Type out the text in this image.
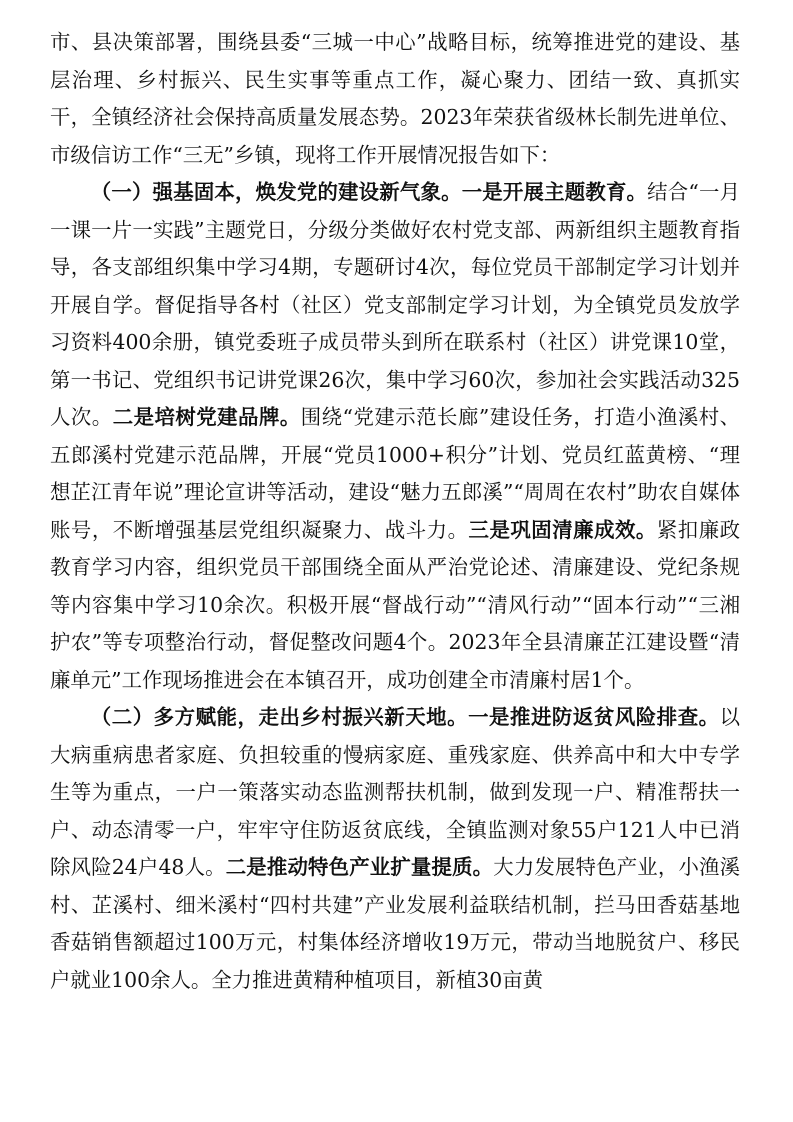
市、县决策部署，围绕县委“三城一中心”战略目标，统筹推进党的建设、基层治理、乡村振兴、民生实事等重点工作，凝心聚力、团结一致、真抓实干，全镇经济社会保持高质量发展态势。2023年荣获省级林长制先进单位、市级信访工作“三无”乡镇，现将工作开展情况报告如下：

（一）强基固本，焕发党的建设新气象。一是开展主题教育。结合“一月一课一片一实践”主题党日，分级分类做好农村党支部、两新组织主题教育指导，各支部组织集中学习4期，专题研讨4次，每位党员干部制定学习计划并开展自学。督促指导各村（社区）党支部制定学习计划，为全镇党员发放学习资料400余册，镇党委班子成员带头到所在联系村（社区）讲党课10堂，第一书记、党组织书记讲党课26次，集中学习60次，参加社会实践活动325人次。二是培树党建品牌。围绕“党建示范长廊”建设任务，打造小渔溪村、五郎溪村党建示范品牌，开展“党员1000+积分”计划、党员红蓝黄榜、“理想芷江青年说”理论宣讲等活动，建设“魅力五郎溪”“周周在农村”助农自媒体账号，不断增强基层党组织凝聚力、战斗力。三是巩固清廉成效。紧扣廉政教育学习内容，组织党员干部围绕全面从严治党论述、清廉建设、党纪条规等内容集中学习10余次。积极开展“督战行动”“清风行动”“固本行动”“三湘护农”等专项整治行动，督促整改问题4个。2023年全县清廉芷江建设暨“清廉单元”工作现场推进会在本镇召开，成功创建全市清廉村居1个。

（二）多方赋能，走出乡村振兴新天地。一是推进防返贫风险排查。以大病重病患者家庭、负担较重的慢病家庭、重残家庭、供养高中和大中专学生等为重点，一户一策落实动态监测帮扶机制，做到发现一户、精准帮扶一户、动态清零一户，牢牢守住防返贫底线，全镇监测对象55户121人中已消除风险24户48人。二是推动特色产业扩量提质。大力发展特色产业，小渔溪村、芷溪村、细米溪村“四村共建”产业发展利益联结机制，拦马田香菇基地香菇销售额超过100万元，村集体经济增收19万元，带动当地脱贫户、移民户就业100余人。全力推进黄精种植项目，新植30亩黄
